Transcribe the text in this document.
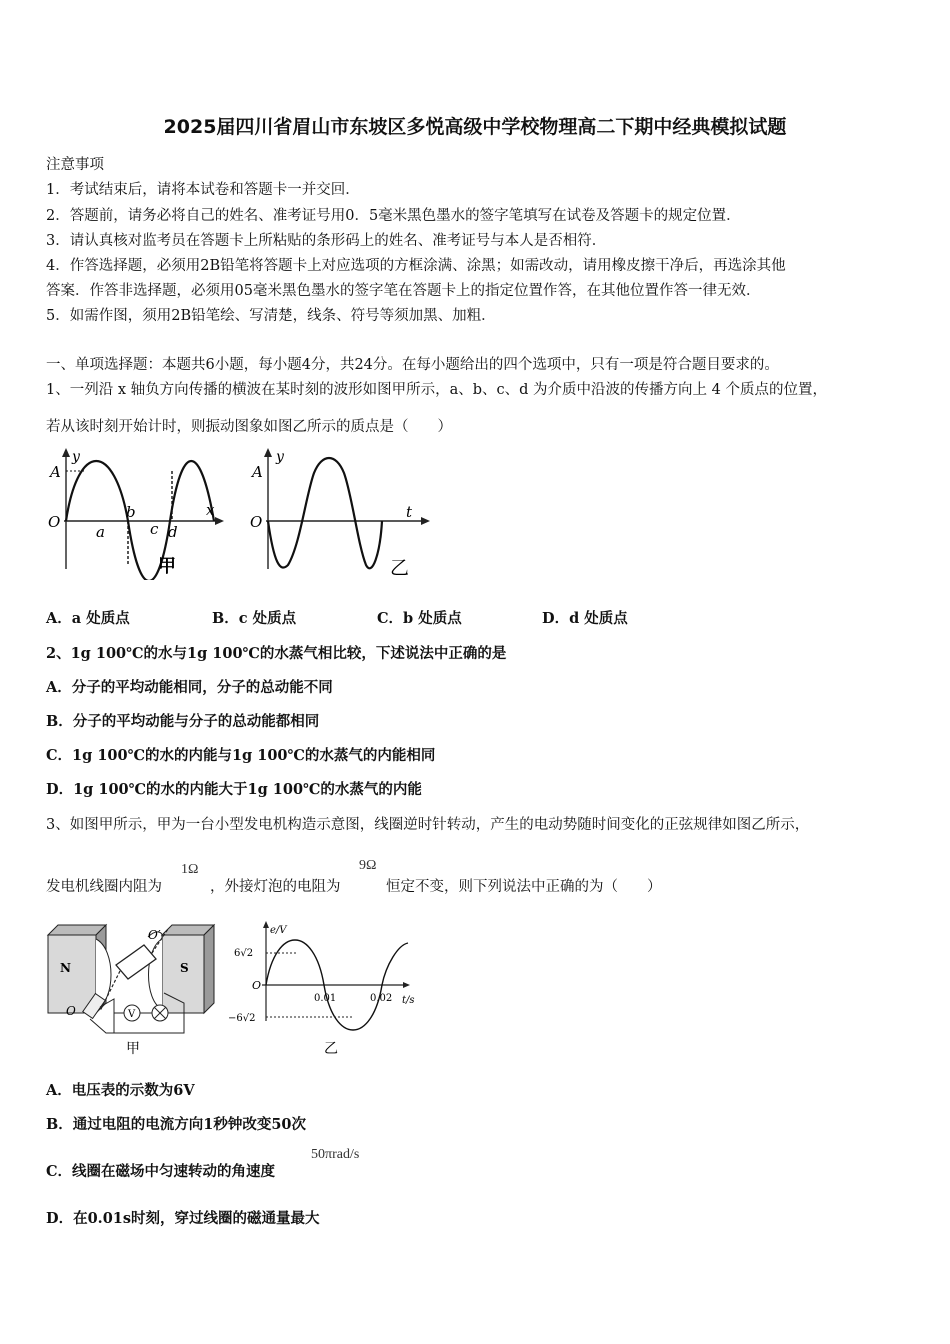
2025届四川省眉山市东坡区多悦高级中学校物理高二下期中经典模拟试题
注意事项
1．考试结束后，请将本试卷和答题卡一并交回．
2．答题前，请务必将自己的姓名、准考证号用0．5毫米黑色墨水的签字笔填写在试卷及答题卡的规定位置．
3．请认真核对监考员在答题卡上所粘贴的条形码上的姓名、准考证号与本人是否相符．
4．作答选择题，必须用2B铅笔将答题卡上对应选项的方框涂满、涂黑；如需改动，请用橡皮擦干净后，再选涂其他
答案．作答非选择题，必须用05毫米黑色墨水的签字笔在答题卡上的指定位置作答，在其他位置作答一律无效．
5．如需作图，须用2B铅笔绘、写清楚，线条、符号等须加黑、加粗．
一、单项选择题：本题共6小题，每小题4分，共24分。在每小题给出的四个选项中，只有一项是符合题目要求的。
1、一列沿 x 轴负方向传播的横波在某时刻的波形如图甲所示，a、b、c、d 为介质中沿波的传播方向上 4 个质点的位置，
若从该时刻开始计时，则振动图象如图乙所示的质点是（　　）
y
A
O
x
a
b
c d
甲
y
A
O
t
乙
A．a 处质点	B．c 处质点	C．b 处质点	D．d 处质点
2、1g 100℃的水与1g 100℃的水蒸气相比较，下述说法中正确的是
A．分子的平均动能相同，分子的总动能不同
B．分子的平均动能与分子的总动能都相同
C．1g 100℃的水的内能与1g 100℃的水蒸气的内能相同
D．1g 100℃的水的内能大于1g 100℃的水蒸气的内能
3、如图甲所示，甲为一台小型发电机构造示意图，线圈逆时针转动，产生的电动势随时间变化的正弦规律如图乙所示，
发电机线圈内阻为
1Ω
，外接灯泡的电阻为
9Ω
恒定不变，则下列说法中正确的为（　　）
N	S
O′
O	V
甲
e/V
6√2
−6√2
O
0.01	0.02 t/s
乙
A．电压表的示数为6V
B．通过电阻的电流方向1秒钟改变50次
C．线圈在磁场中匀速转动的角速度
50πrad/s
D．在0.01s时刻，穿过线圈的磁通量最大
